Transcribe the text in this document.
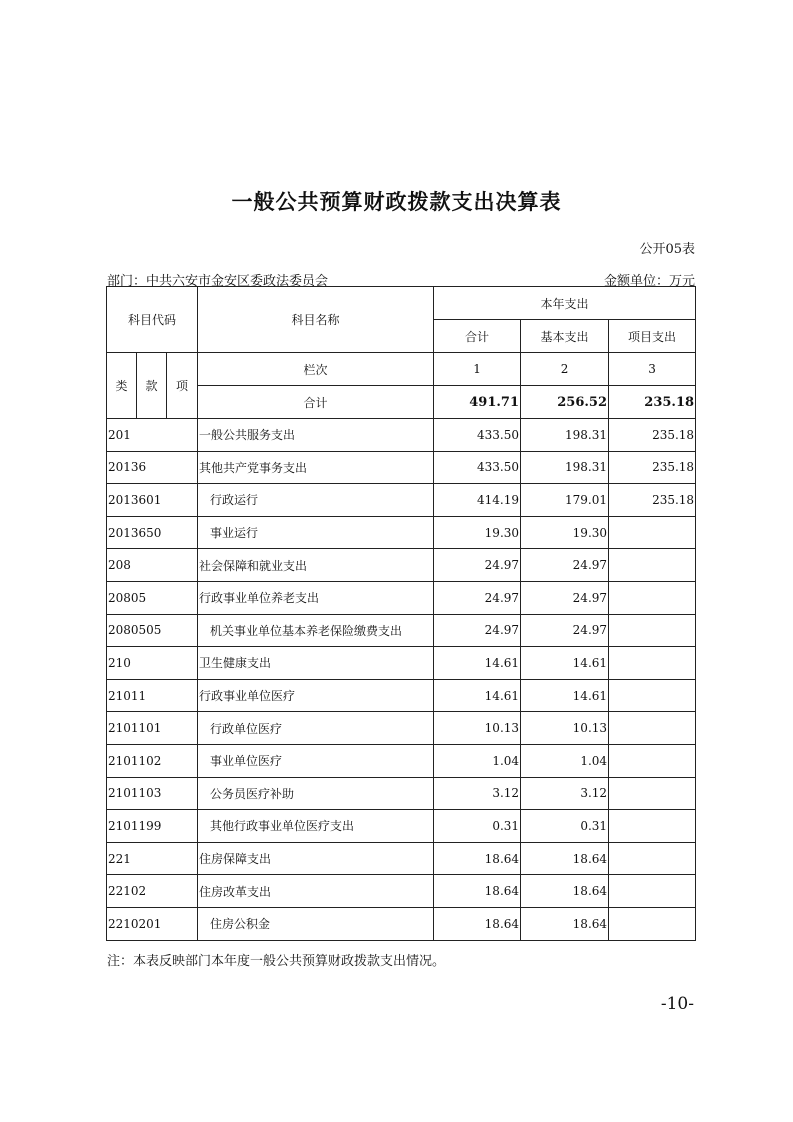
一般公共预算财政拨款支出决算表
公开05表
部门：中共六安市金安区委政法委员会	金额单位：万元
科目代码			科目名称	本年支出		
				合计	基本支出	项目支出
类	款	项	栏次	1	2	3
			合计	491.71	256.52	235.18
201			一般公共服务支出	433.50	198.31	235.18
20136			其他共产党事务支出	433.50	198.31	235.18
2013601			行政运行	414.19	179.01	235.18
2013650			事业运行	19.30	19.30	
208			社会保障和就业支出	24.97	24.97	
20805			行政事业单位养老支出	24.97	24.97	
2080505			机关事业单位基本养老保险缴费支出	24.97	24.97	
210			卫生健康支出	14.61	14.61	
21011			行政事业单位医疗	14.61	14.61	
2101101			行政单位医疗	10.13	10.13	
2101102			事业单位医疗	1.04	1.04	
2101103			公务员医疗补助	3.12	3.12	
2101199			其他行政事业单位医疗支出	0.31	0.31	
221			住房保障支出	18.64	18.64	
22102			住房改革支出	18.64	18.64	
2210201			住房公积金	18.64	18.64	
注：本表反映部门本年度一般公共预算财政拨款支出情况。
-10-
